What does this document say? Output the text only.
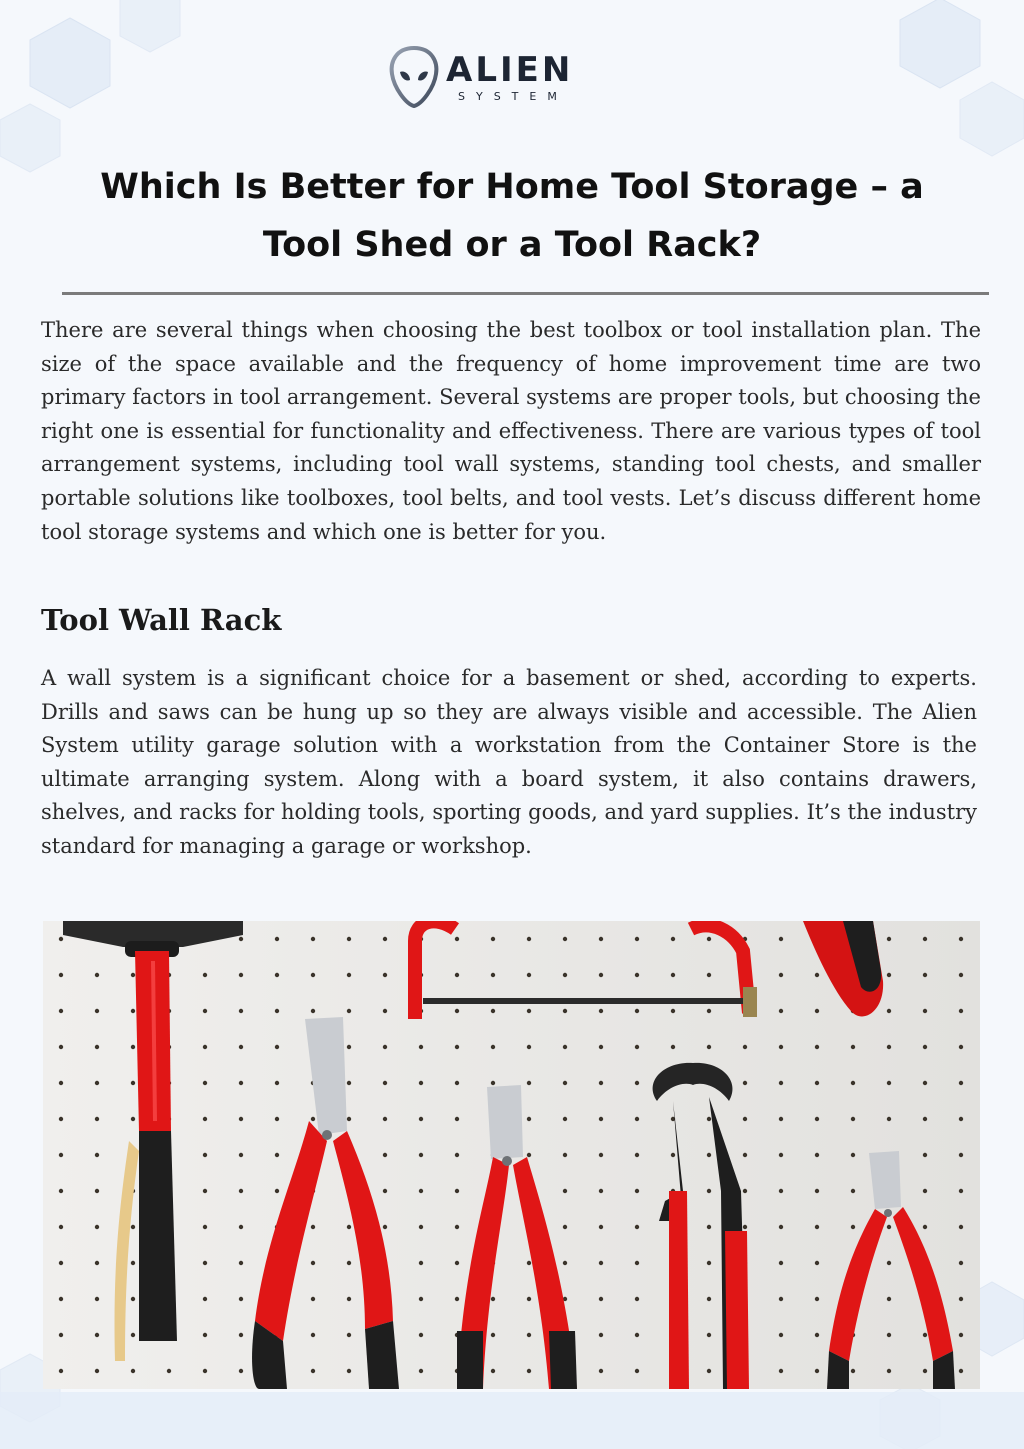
ALIEN
SYSTEM
Which Is Better for Home Tool Storage – a
Tool Shed or a Tool Rack?

There are several things when choosing the best toolbox or tool installation plan. The size of the space available and the frequency of home improvement time are two primary factors in tool arrangement. Several systems are proper tools, but choosing the right one is essential for functionality and effectiveness. There are various types of tool arrangement systems, including tool wall systems, standing tool chests, and smaller portable solutions like toolboxes, tool belts, and tool vests. Let’s discuss different home tool storage systems and which one is better for you.

Tool Wall Rack

A wall system is a significant choice for a basement or shed, according to experts. Drills and saws can be hung up so they are always visible and accessible. The Alien System utility garage solution with a workstation from the Container Store is the ultimate arranging system. Along with a board system, it also contains drawers, shelves, and racks for holding tools, sporting goods, and yard supplies. It’s the industry standard for managing a garage or workshop.
